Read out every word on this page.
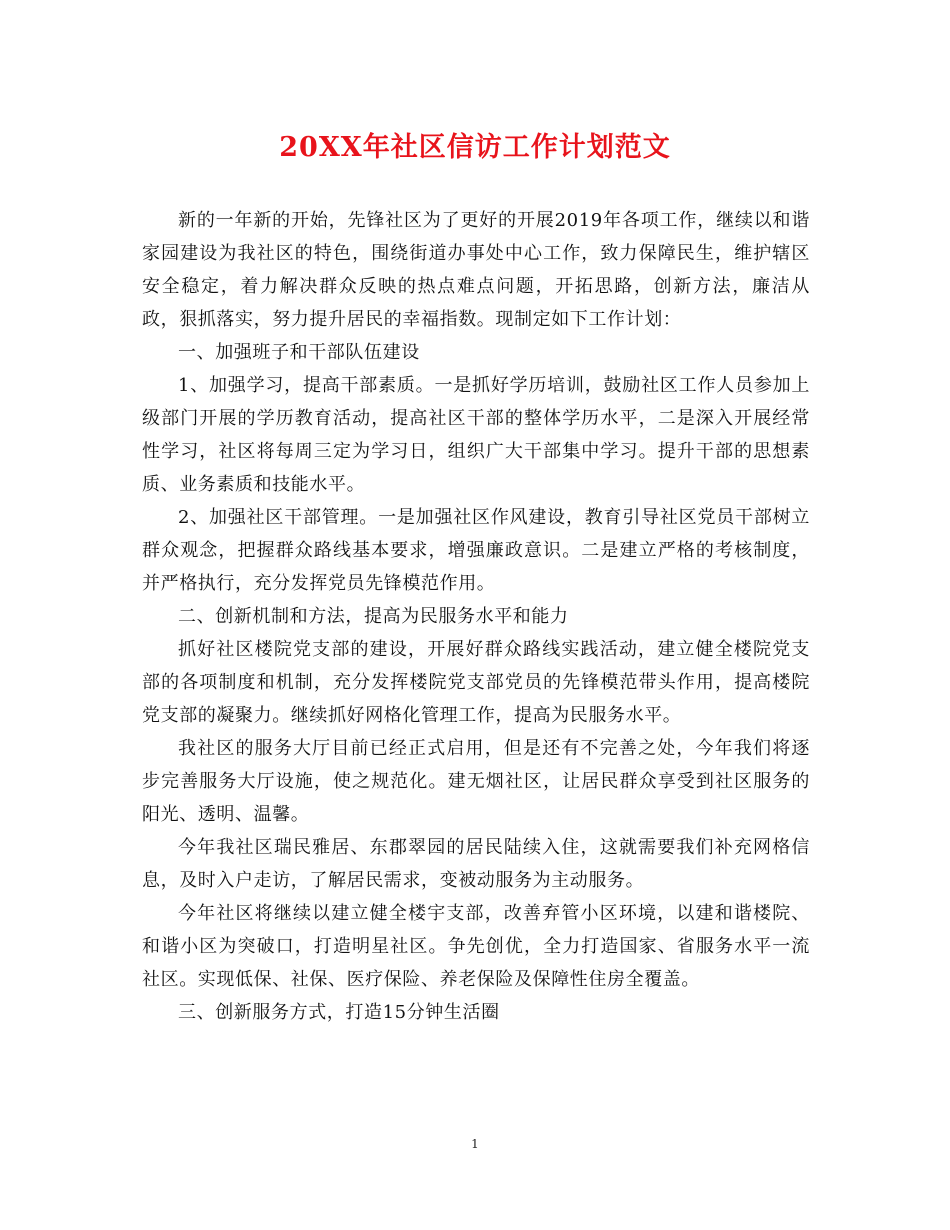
20XX年社区信访工作计划范文

新的一年新的开始，先锋社区为了更好的开展2019年各项工作，继续以和谐家园建设为我社区的特色，围绕街道办事处中心工作，致力保障民生，维护辖区安全稳定，着力解决群众反映的热点难点问题，开拓思路，创新方法，廉洁从政，狠抓落实，努力提升居民的幸福指数。现制定如下工作计划：

一、加强班子和干部队伍建设

1、加强学习，提高干部素质。一是抓好学历培训，鼓励社区工作人员参加上级部门开展的学历教育活动，提高社区干部的整体学历水平，二是深入开展经常性学习，社区将每周三定为学习日，组织广大干部集中学习。提升干部的思想素质、业务素质和技能水平。

2、加强社区干部管理。一是加强社区作风建设，教育引导社区党员干部树立群众观念，把握群众路线基本要求，增强廉政意识。二是建立严格的考核制度，并严格执行，充分发挥党员先锋模范作用。

二、创新机制和方法，提高为民服务水平和能力

抓好社区楼院党支部的建设，开展好群众路线实践活动，建立健全楼院党支部的各项制度和机制，充分发挥楼院党支部党员的先锋模范带头作用，提高楼院党支部的凝聚力。继续抓好网格化管理工作，提高为民服务水平。

我社区的服务大厅目前已经正式启用，但是还有不完善之处，今年我们将逐步完善服务大厅设施，使之规范化。建无烟社区，让居民群众享受到社区服务的阳光、透明、温馨。

今年我社区瑞民雅居、东郡翠园的居民陆续入住，这就需要我们补充网格信息，及时入户走访，了解居民需求，变被动服务为主动服务。

今年社区将继续以建立健全楼宇支部，改善弃管小区环境，以建和谐楼院、和谐小区为突破口，打造明星社区。争先创优，全力打造国家、省服务水平一流社区。实现低保、社保、医疗保险、养老保险及保障性住房全覆盖。

三、创新服务方式，打造15分钟生活圈

1
